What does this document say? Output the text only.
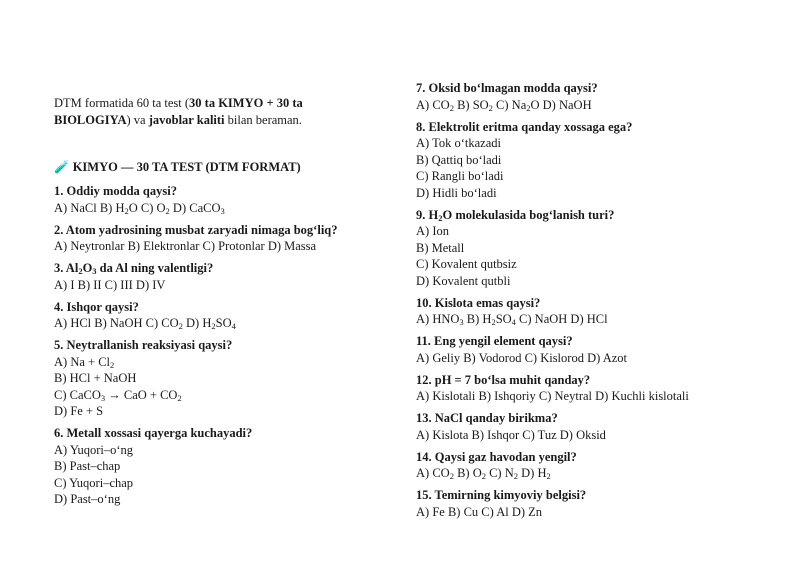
DTM formatida 60 ta test (30 ta KIMYO + 30 ta BIOLOGIYA) va javoblar kaliti bilan beraman.
🧪 KIMYO — 30 TA TEST (DTM FORMAT)
1. Oddiy modda qaysi?
A) NaCl B) $H_2O$ C) $O_2$ D) CaCO$_3$
2. Atom yadrosining musbat zaryadi nimaga bog‘liq?
A) Neytronlar B) Elektronlar C) Protonlar D) Massa
3. $Al_2O_3$ da Al ning valentligi?
A) I B) II C) III D) IV
4. Ishqor qaysi?
A) HCl B) NaOH C) $CO_2$ D) $H_2SO_4$
5. Neytrallanish reaksiyasi qaysi?
A) $Na + Cl_2$
B) HCl + NaOH
C) CaCO$_3$ → CaO + $CO_2$
D) Fe + S
6. Metall xossasi qayerga kuchayadi?
A) Yuqori–o‘ng
B) Past–chap
C) Yuqori–chap
D) Past–o‘ng
7. Oksid bo‘lmagan modda qaysi?
A) $CO_2$ B) $SO_2$ C) $Na_2O$ D) NaOH
8. Elektrolit eritma qanday xossaga ega?
A) Tok o‘tkazadi
B) Qattiq bo‘ladi
C) Rangli bo‘ladi
D) Hidli bo‘ladi
9. $H_2O$ molekulasida bog‘lanish turi?
A) Ion
B) Metall
C) Kovalent qutbsiz
D) Kovalent qutbli
10. Kislota emas qaysi?
A) $HNO_3$ B) $H_2SO_4$ C) NaOH D) HCl
11. Eng yengil element qaysi?
A) Geliy B) Vodorod C) Kislorod D) Azot
12. pH = 7 bo‘lsa muhit qanday?
A) Kislotali B) Ishqoriy C) Neytral D) Kuchli kislotali
13. NaCl qanday birikma?
A) Kislota B) Ishqor C) Tuz D) Oksid
14. Qaysi gaz havodan yengil?
A) $CO_2$ B) $O_2$ C) $N_2$ D) $H_2$
15. Temirning kimyoviy belgisi?
A) Fe B) Cu C) Al D) Zn
